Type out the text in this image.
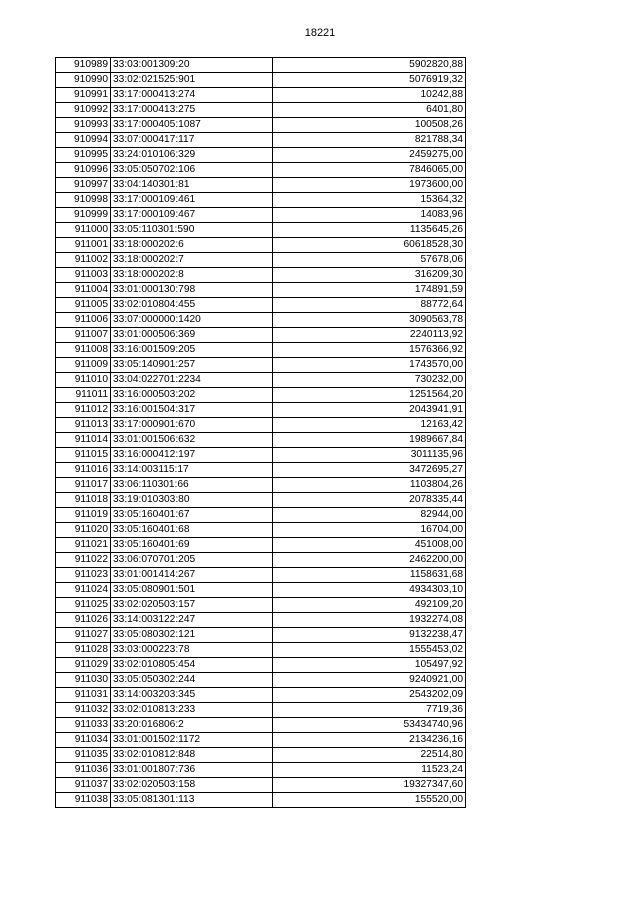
18221
910989	33:03:001309:20	5902820,88
910990	33:02:021525:901	5076919,32
910991	33:17:000413:274	10242,88
910992	33:17:000413:275	6401,80
910993	33:17:000405:1087	100508,26
910994	33:07:000417:117	821788,34
910995	33:24:010106:329	2459275,00
910996	33:05:050702:106	7846065,00
910997	33:04:140301:81	1973600,00
910998	33:17:000109:461	15364,32
910999	33:17:000109:467	14083,96
911000	33:05:110301:590	1135645,26
911001	33:18:000202:6	60618528,30
911002	33:18:000202:7	57678,06
911003	33:18:000202:8	316209,30
911004	33:01:000130:798	174891,59
911005	33:02:010804:455	88772,64
911006	33:07:000000:1420	3090563,78
911007	33:01:000506:369	2240113,92
911008	33:16:001509:205	1576366,92
911009	33:05:140901:257	1743570,00
911010	33:04:022701:2234	730232,00
911011	33:16:000503:202	1251564,20
911012	33:16:001504:317	2043941,91
911013	33:17:000901:670	12163,42
911014	33:01:001506:632	1989667,84
911015	33:16:000412:197	3011135,96
911016	33:14:003115:17	3472695,27
911017	33:06:110301:66	1103804,26
911018	33:19:010303:80	2078335,44
911019	33:05:160401:67	82944,00
911020	33:05:160401:68	16704,00
911021	33:05:160401:69	451008,00
911022	33:06:070701:205	2462200,00
911023	33:01:001414:267	1158631,68
911024	33:05:080901:501	4934303,10
911025	33:02:020503:157	492109,20
911026	33:14:003122:247	1932274,08
911027	33:05:080302:121	9132238,47
911028	33:03:000223:78	1555453,02
911029	33:02:010805:454	105497,92
911030	33:05:050302:244	9240921,00
911031	33:14:003203:345	2543202,09
911032	33:02:010813:233	7719,36
911033	33:20:016806:2	53434740,96
911034	33:01:001502:1172	2134236,16
911035	33:02:010812:848	22514,80
911036	33:01:001807:736	11523,24
911037	33:02:020503:158	19327347,60
911038	33:05:081301:113	155520,00
